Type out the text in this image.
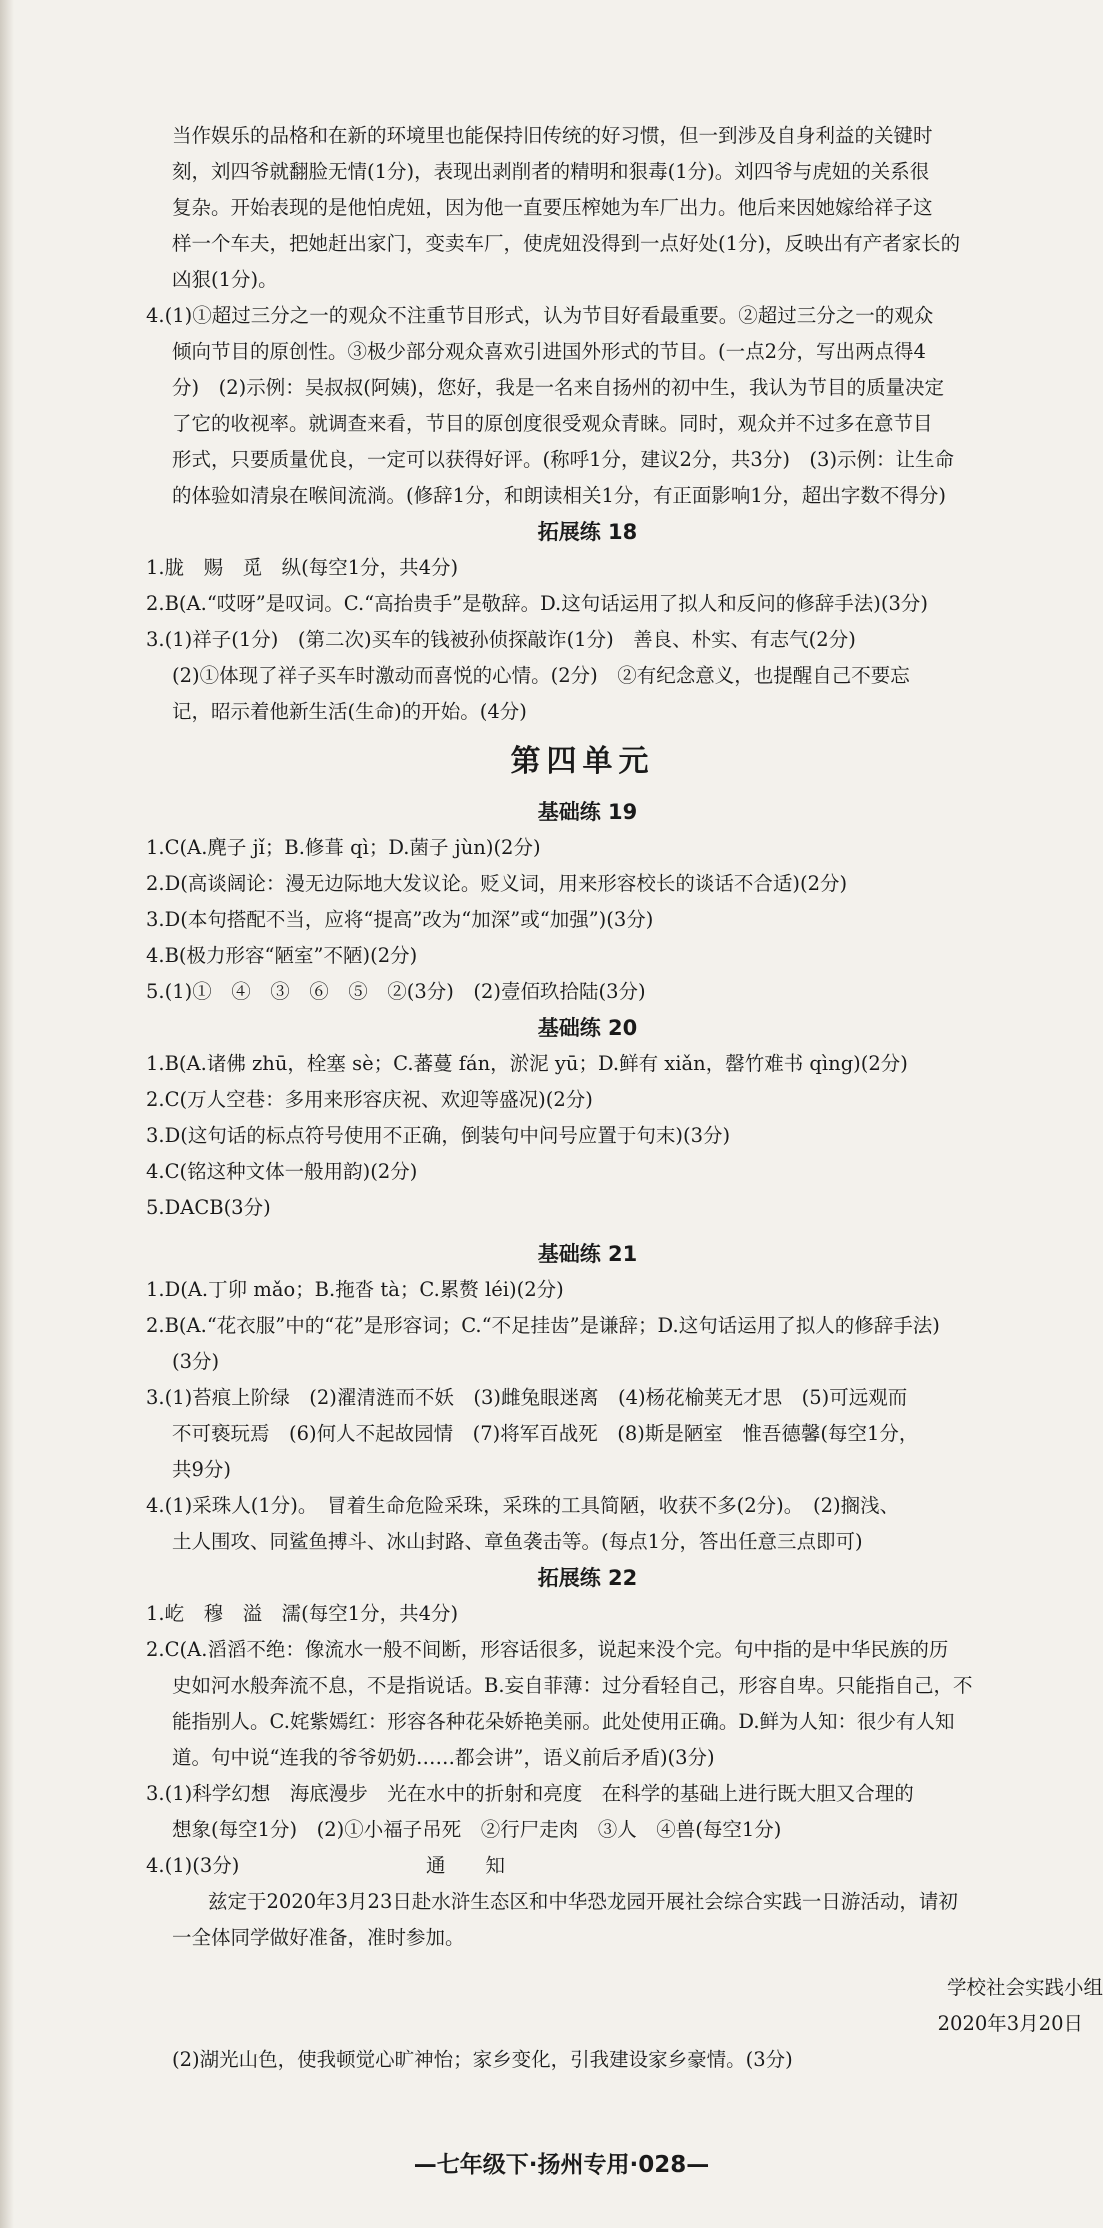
当作娱乐的品格和在新的环境里也能保持旧传统的好习惯，但一到涉及自身利益的关键时
刻，刘四爷就翻脸无情(1分)，表现出剥削者的精明和狠毒(1分)。刘四爷与虎妞的关系很
复杂。开始表现的是他怕虎妞，因为他一直要压榨她为车厂出力。他后来因她嫁给祥子这
样一个车夫，把她赶出家门，变卖车厂，使虎妞没得到一点好处(1分)，反映出有产者家长的
凶狠(1分)。
4.(1)①超过三分之一的观众不注重节目形式，认为节目好看最重要。②超过三分之一的观众
倾向节目的原创性。③极少部分观众喜欢引进国外形式的节目。(一点2分，写出两点得4
分)　(2)示例：吴叔叔(阿姨)，您好，我是一名来自扬州的初中生，我认为节目的质量决定
了它的收视率。就调查来看，节目的原创度很受观众青睐。同时，观众并不过多在意节目
形式，只要质量优良，一定可以获得好评。(称呼1分，建议2分，共3分)　(3)示例：让生命
的体验如清泉在喉间流淌。(修辞1分，和朗读相关1分，有正面影响1分，超出字数不得分)
拓展练 18
1.胧　赐　觅　纵(每空1分，共4分)
2.B(A.“哎呀”是叹词。C.“高抬贵手”是敬辞。D.这句话运用了拟人和反问的修辞手法)(3分)
3.(1)祥子(1分)　(第二次)买车的钱被孙侦探敲诈(1分)　善良、朴实、有志气(2分)
(2)①体现了祥子买车时激动而喜悦的心情。(2分)　②有纪念意义，也提醒自己不要忘
记，昭示着他新生活(生命)的开始。(4分)
第四单元
基础练 19
1.C(A.麂子 jǐ；B.修葺 qì；D.菌子 jùn)(2分)
2.D(高谈阔论：漫无边际地大发议论。贬义词，用来形容校长的谈话不合适)(2分)
3.D(本句搭配不当，应将“提高”改为“加深”或“加强”)(3分)
4.B(极力形容“陋室”不陋)(2分)
5.(1)①　④　③　⑥　⑤　②(3分)　(2)壹佰玖拾陆(3分)
基础练 20
1.B(A.诸佛 zhū，栓塞 sè；C.蕃蔓 fán，淤泥 yū；D.鲜有 xiǎn，罄竹难书 qìng)(2分)
2.C(万人空巷：多用来形容庆祝、欢迎等盛况)(2分)
3.D(这句话的标点符号使用不正确，倒装句中问号应置于句末)(3分)
4.C(铭这种文体一般用韵)(2分)
5.DACB(3分)
基础练 21
1.D(A.丁卯 mǎo；B.拖沓 tà；C.累赘 léi)(2分)
2.B(A.“花衣服”中的“花”是形容词；C.“不足挂齿”是谦辞；D.这句话运用了拟人的修辞手法)
(3分)
3.(1)苔痕上阶绿　(2)濯清涟而不妖　(3)雌兔眼迷离　(4)杨花榆荚无才思　(5)可远观而
不可亵玩焉　(6)何人不起故园情　(7)将军百战死　(8)斯是陋室　惟吾德馨(每空1分，
共9分)
4.(1)采珠人(1分)。　冒着生命危险采珠，采珠的工具简陋，收获不多(2分)。　(2)搁浅、
土人围攻、同鲨鱼搏斗、冰山封路、章鱼袭击等。(每点1分，答出任意三点即可)
拓展练 22
1.屹　穆　溢　濡(每空1分，共4分)
2.C(A.滔滔不绝：像流水一般不间断，形容话很多，说起来没个完。句中指的是中华民族的历
史如河水般奔流不息，不是指说话。B.妄自菲薄：过分看轻自己，形容自卑。只能指自己，不
能指别人。C.姹紫嫣红：形容各种花朵娇艳美丽。此处使用正确。D.鲜为人知：很少有人知
道。句中说“连我的爷爷奶奶……都会讲”，语义前后矛盾)(3分)
3.(1)科学幻想　海底漫步　光在水中的折射和亮度　在科学的基础上进行既大胆又合理的
想象(每空1分)　(2)①小福子吊死　②行尸走肉　③人　④兽(每空1分)
4.(1)(3分)	通知
兹定于2020年3月23日赴水浒生态区和中华恐龙园开展社会综合实践一日游活动，请初
一全体同学做好准备，准时参加。
学校社会实践小组
2020年3月20日
(2)湖光山色，使我顿觉心旷神怡；家乡变化，引我建设家乡豪情。(3分)
—七年级下·扬州专用·028—
